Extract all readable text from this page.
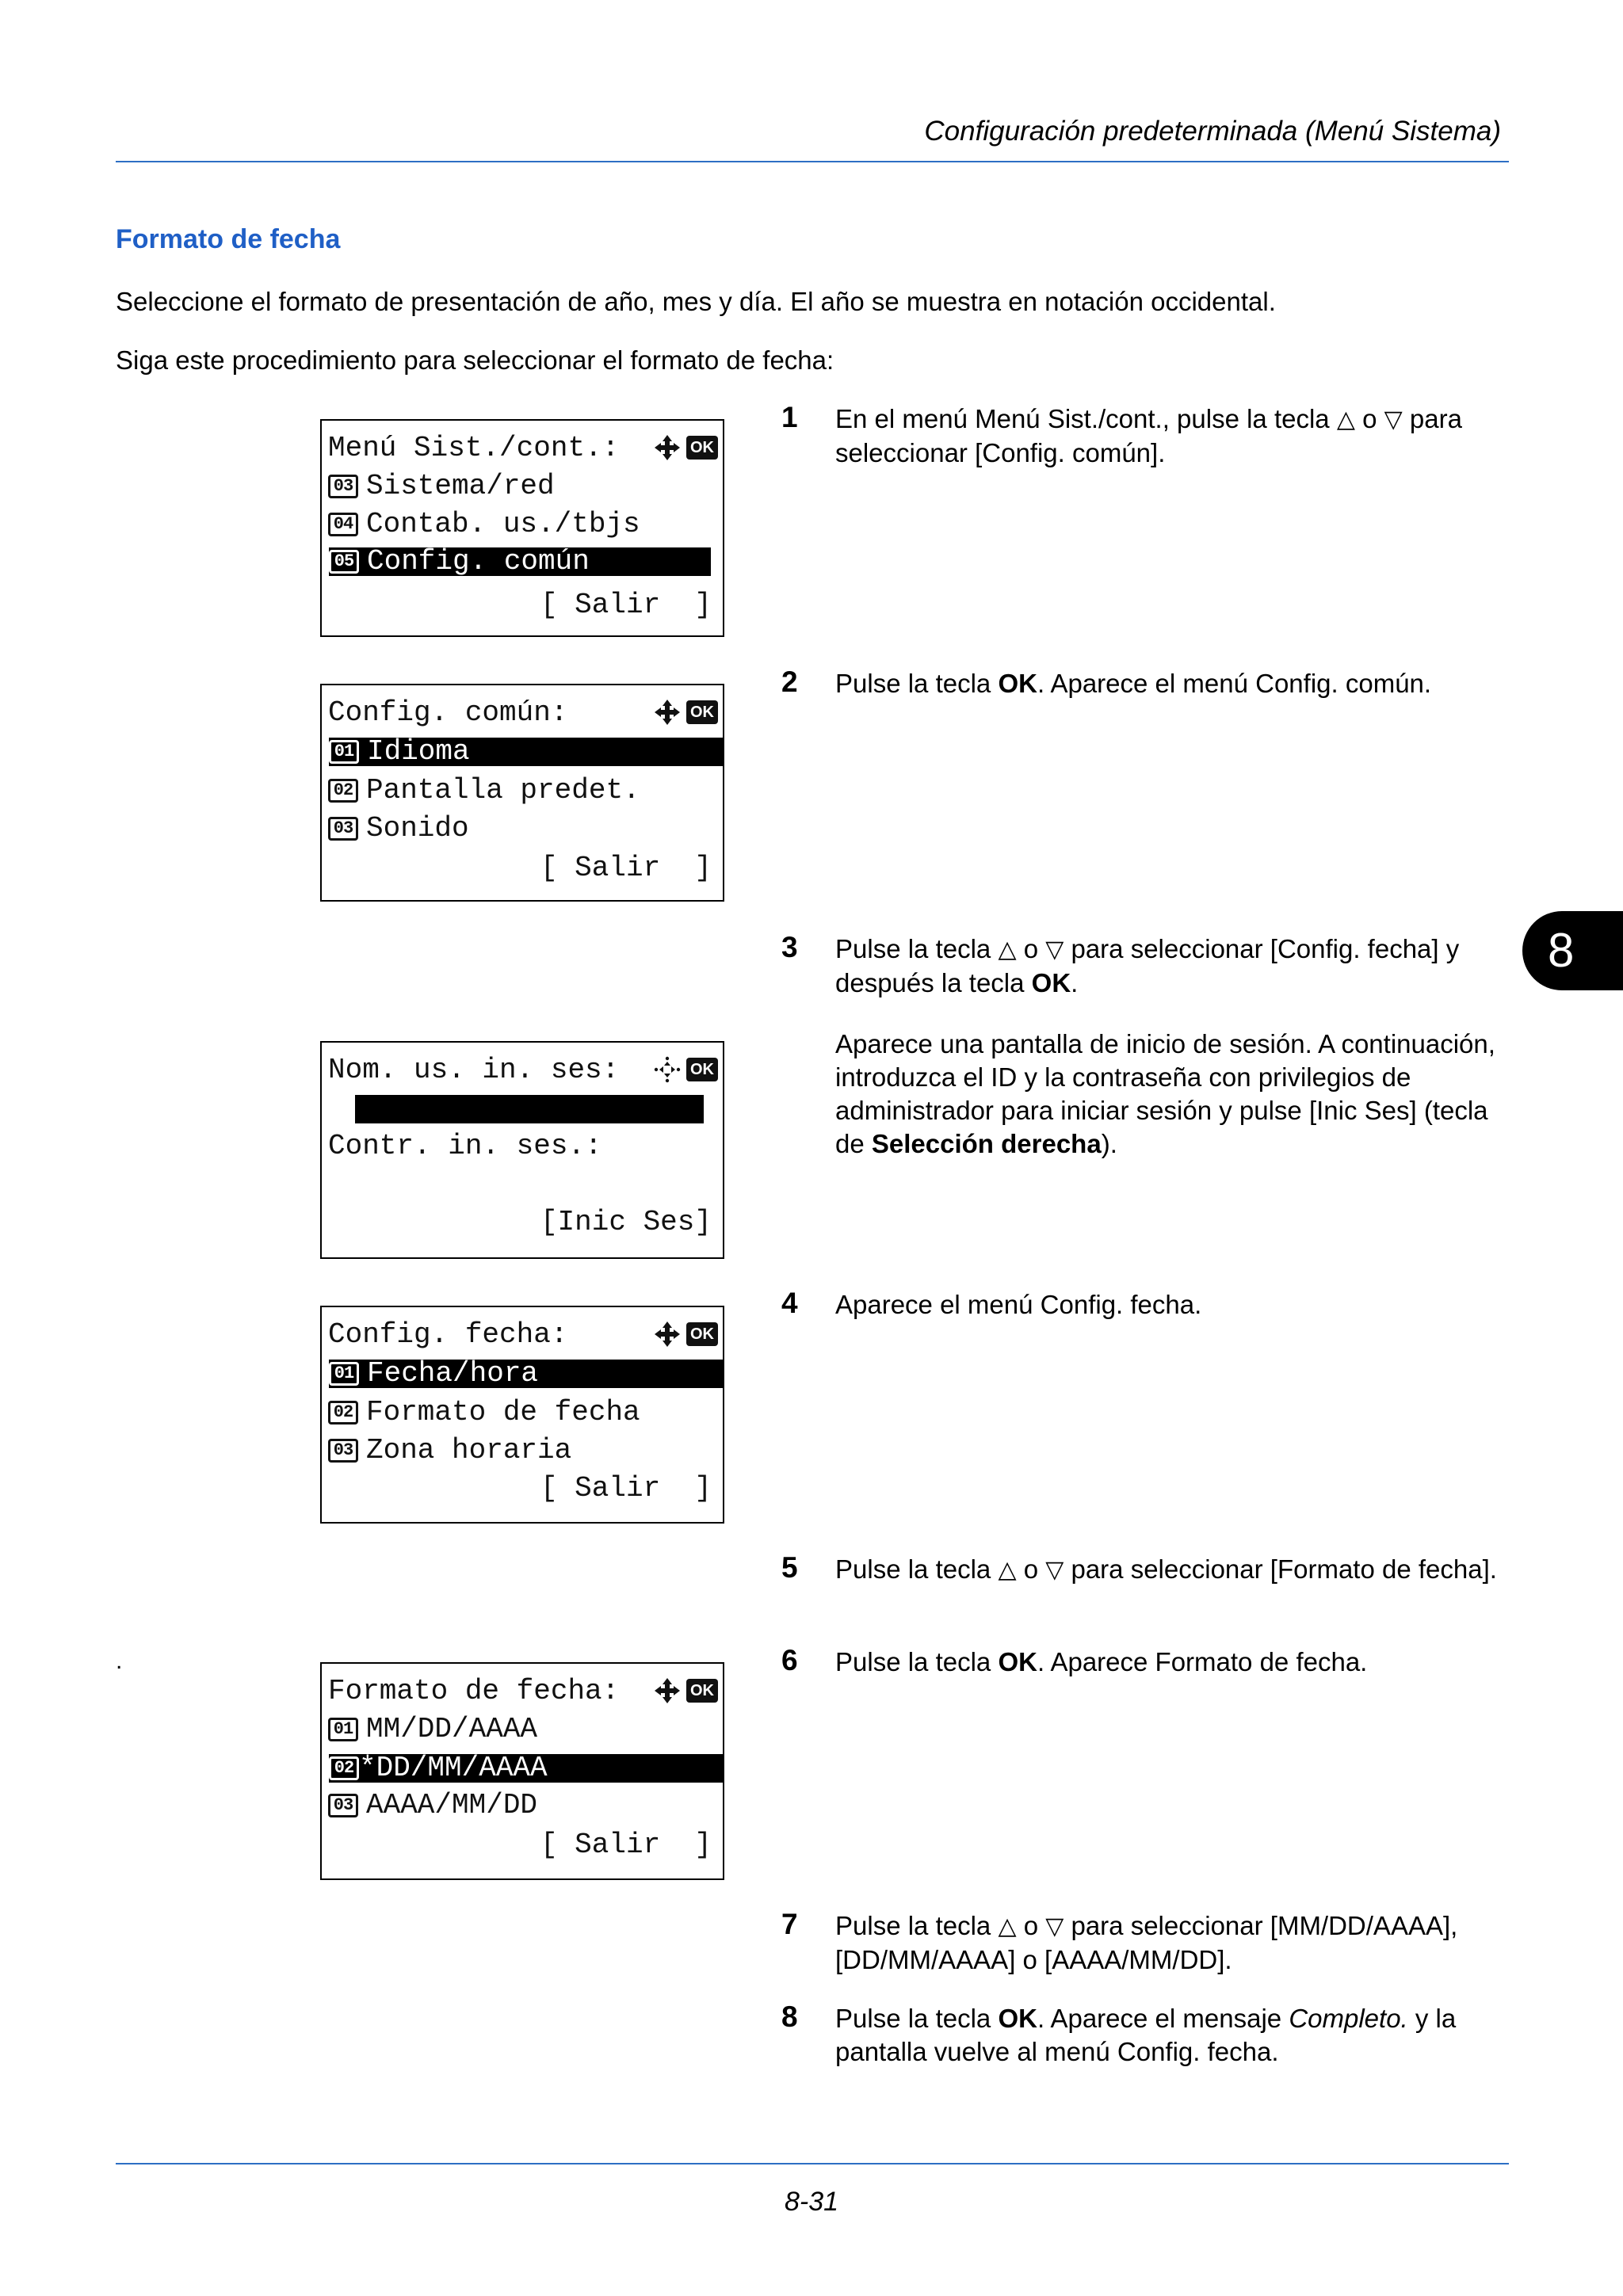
Configuración predeterminada (Menú Sistema)
Formato de fecha
Seleccione el formato de presentación de año, mes y día. El año se muestra en notación occidental.
Siga este procedimiento para seleccionar el formato de fecha:
.
Menú Sist./cont.:	OK
03 Sistema/red
04 Contab. us./tbjs
05 Config. común
[ Salir  ]
Config. común:	OK
01 Idioma
02 Pantalla predet.
03 Sonido
[ Salir  ]
Nom. us. in. ses:	OK
Contr. in. ses.:
[Inic Ses]
Config. fecha:	OK
01 Fecha/hora
02 Formato de fecha
03 Zona horaria
[ Salir  ]
Formato de fecha:	OK
01 MM/DD/AAAA
02 *DD/MM/AAAA
03 AAAA/MM/DD
[ Salir  ]
1 En el menú Menú Sist./cont., pulse la tecla △ o ▽ para seleccionar [Config. común].
2 Pulse la tecla OK. Aparece el menú Config. común.
3 Pulse la tecla △ o ▽ para seleccionar [Config. fecha] y después la tecla OK.
Aparece una pantalla de inicio de sesión. A continuación, introduzca el ID y la contraseña con privilegios de administrador para iniciar sesión y pulse [Inic Ses] (tecla de Selección derecha).
4 Aparece el menú Config. fecha.
5 Pulse la tecla △ o ▽ para seleccionar [Formato de fecha].
6 Pulse la tecla OK. Aparece Formato de fecha.
7 Pulse la tecla △ o ▽ para seleccionar [MM/DD/AAAA], [DD/MM/AAAA] o [AAAA/MM/DD].
8 Pulse la tecla OK. Aparece el mensaje Completo. y la pantalla vuelve al menú Config. fecha.
8
8-31
